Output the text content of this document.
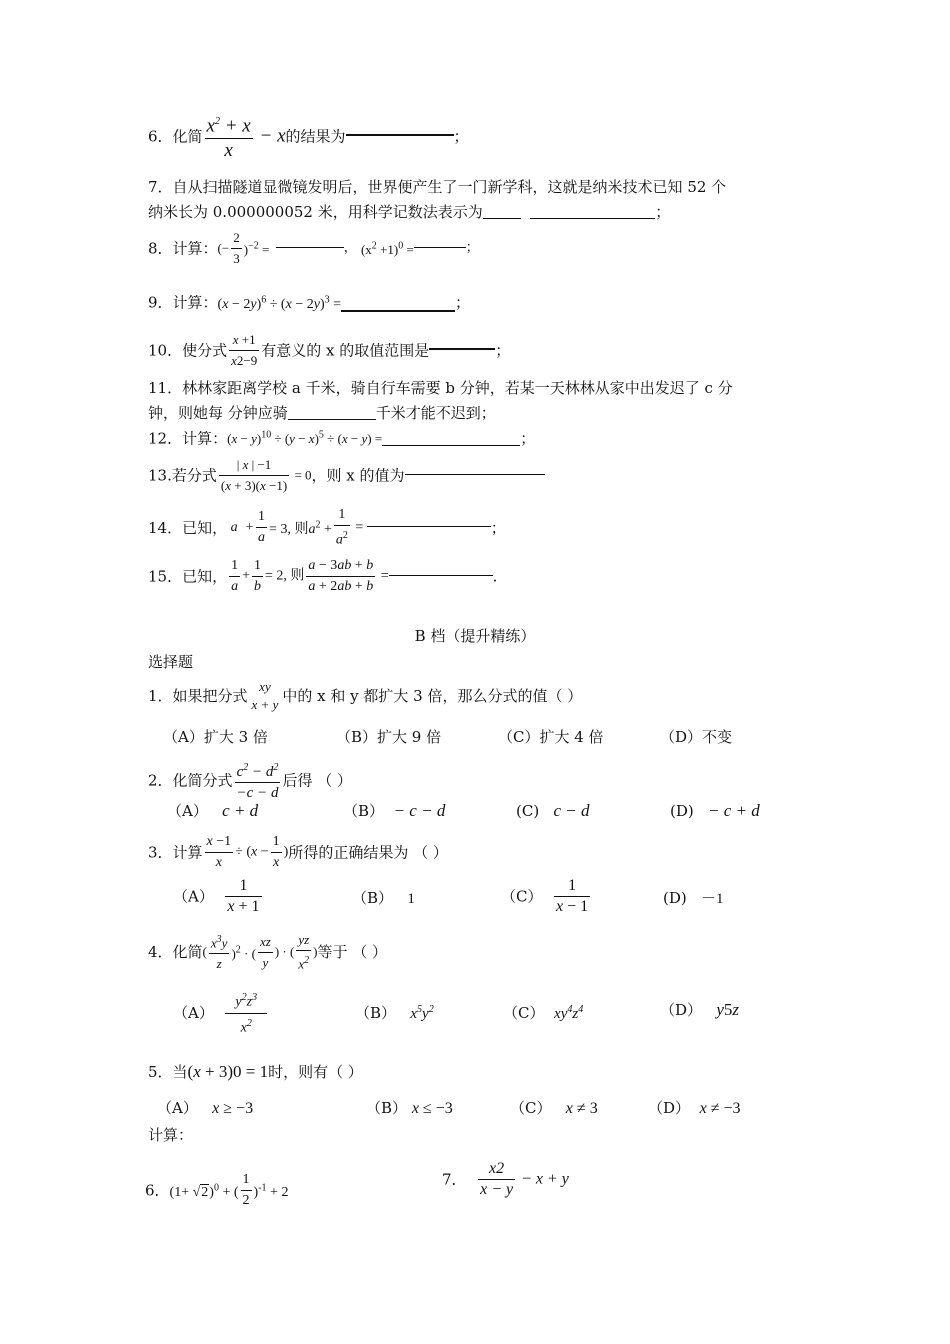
6．化简 $\frac{x^2 + x}{x} - x$的结果为	；
7．自从扫描隧道显微镜发明后，世界便产生了一门新学科，这就是纳米技术已知 52 个
纳米长为 0.000000052 米，用科学记数法表示为	；
8．计算：(− $\frac{2}{3} )^{-2}$ =	， $(x^2 +1)^0$ =	；
9．计算：$(x - 2y)^6 \div (x - 2y)^3$ =	；
10．使分式 $\frac{x +1}{x2-9}$ 有意义的 x 的取值范围是	；
11．林林家距离学校 a 千米，骑自行车需要 b 分钟，若某一天林林从家中出发迟了 c 分
钟，则她每 分钟应骑	千米才能不迟到；
12．计算：$(x - y)^{10} \div (y - x)^5 \div (x - y)$ =	；
13.若分式 $\frac{| x | -1}{(x + 3)(x -1)} = 0$，则 x 的值为
14．已知， $a + \frac{1}{a} = 3$, 则$a^2 + \frac{1}{a^2}$ =	；
15．已知， $\frac{1}{a} + \frac{1}{b} = 2$, 则 $\frac{a - 3ab + b}{a + 2ab + b}$ =	.
B 档（提升精练）
选择题
1．如果把分式
xy
x + y 中的 x 和 y 都扩大 3 倍，那么分式的值（ ）
（A）扩大 3 倍	（B）扩大 9 倍	（C）扩大 4 倍	（D）不变
2．化简分式 $\frac{c^2 - d^2}{-c - d}$ 后得 （ ）
（A） c + d	（B） − c − d	(C) c − d	(D) − c + d
3．计算 $\frac{x -1}{x} \div (x - \frac{1}{x}$ )所得的正确结果为 （ ）
$(A) \frac{1}{x + 1}$	（B） 1	$(C) \frac{1}{x - 1}$	(D) －1
4．化简( $\frac{x^3y}{z} )^2$ · ( $\frac{xz}{y}$ ) · ( $\frac{yz}{x^2}$ )等于 （ ）
$(A) \frac{y^2z^3}{x^2}$	（B） $x^5y^2$	（C） $xy^4z^4$	（D） y5z
5．当(x + 3)0 = 1时，则有（ ）
（A） x ≥ −3	（B） x ≤ −3	（C） x ≠ 3	（D） x ≠ −3
计算：
6．$(1+ √2)^0$ + ( $\frac{1}{2} )^{-1} + 2$
7． $\frac{x2}{x - y} - x + y$
